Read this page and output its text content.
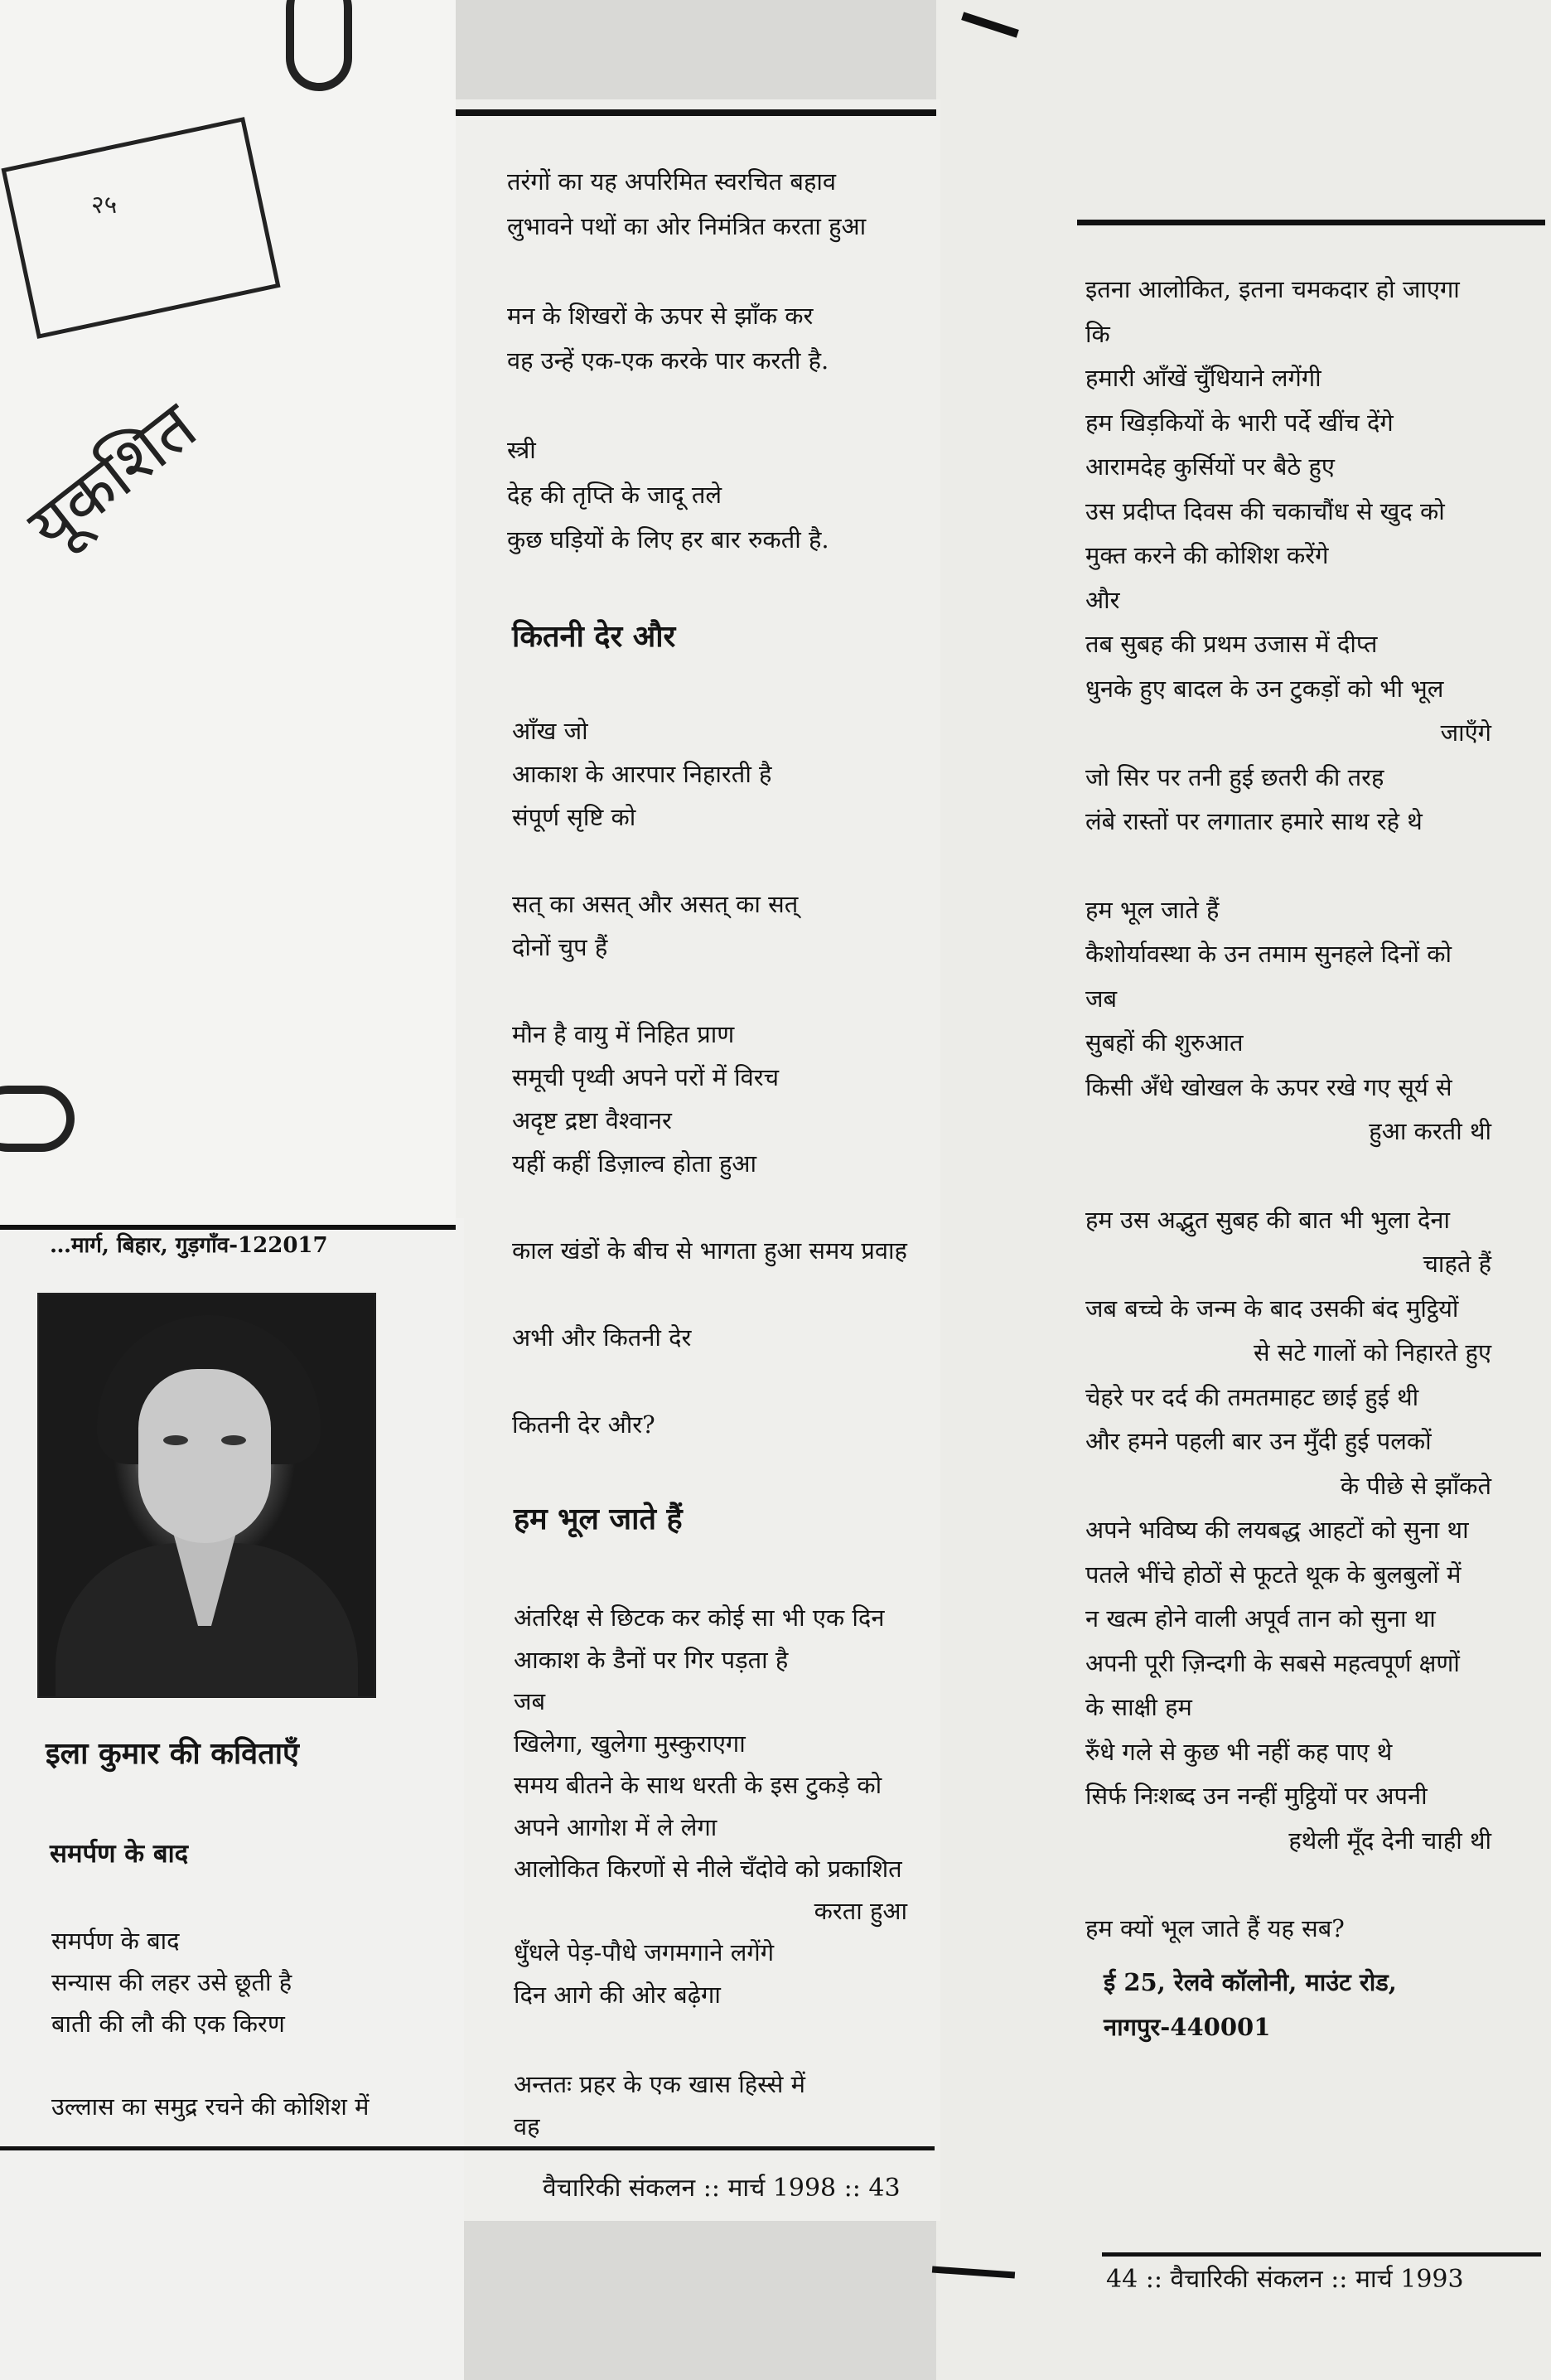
२५
यूकशित
…मार्ग, बिहार, गुड़गाँव-122017
इला कुमार की कविताएँ
समर्पण के बाद
समर्पण के बाद
सन्यास की लहर उसे छूती है
बाती की लौ की एक किरण
उल्लास का समुद्र रचने की कोशिश में
तरंगों का यह अपरिमित स्वरचित बहाव
लुभावने पथों का ओर निमंत्रित करता हुआ
मन के शिखरों के ऊपर से झाँक कर
वह उन्हें एक-एक करके पार करती है.
स्त्री
देह की तृप्ति के जादू तले
कुछ घड़ियों के लिए हर बार रुकती है.
कितनी देर और
आँख जो
आकाश के आरपार निहारती है
संपूर्ण सृष्टि को
सत् का असत् और असत् का सत्
दोनों चुप हैं
मौन है वायु में निहित प्राण
समूची पृथ्वी अपने परों में विरच
अदृष्ट द्रष्टा वैश्वानर
यहीं कहीं डिज़ाल्व होता हुआ
काल खंडों के बीच से भागता हुआ समय प्रवाह
अभी और कितनी देर
कितनी देर और?
हम भूल जाते हैं
अंतरिक्ष से छिटक कर कोई सा भी एक दिन
आकाश के डैनों पर गिर पड़ता है
जब
खिलेगा, खुलेगा मुस्कुराएगा
समय बीतने के साथ धरती के इस टुकड़े को
अपने आगोश में ले लेगा
आलोकित किरणों से नीले चँदोवे को प्रकाशित
करता हुआ
धुँधले पेड़-पौधे जगमगाने लगेंगे
दिन आगे की ओर बढ़ेगा
अन्ततः प्रहर के एक खास हिस्से में
वह
वैचारिकी संकलन :: मार्च 1998 :: 43
इतना आलोकित, इतना चमकदार हो जाएगा
कि
हमारी आँखें चुँधियाने लगेंगी
हम खिड़कियों के भारी पर्दे खींच देंगे
आरामदेह कुर्सियों पर बैठे हुए
उस प्रदीप्त दिवस की चकाचौंध से खुद को
मुक्त करने की कोशिश करेंगे
और
तब सुबह की प्रथम उजास में दीप्त
धुनके हुए बादल के उन टुकड़ों को भी भूल
जाएँगे
जो सिर पर तनी हुई छतरी की तरह
लंबे रास्तों पर लगातार हमारे साथ रहे थे
हम भूल जाते हैं
कैशोर्यावस्था के उन तमाम सुनहले दिनों को
जब
सुबहों की शुरुआत
किसी अँधे खोखल के ऊपर रखे गए सूर्य से
हुआ करती थी
हम उस अद्भुत सुबह की बात भी भुला देना
चाहते हैं
जब बच्चे के जन्म के बाद उसकी बंद मुट्ठियों
से सटे गालों को निहारते हुए
चेहरे पर दर्द की तमतमाहट छाई हुई थी
और हमने पहली बार उन मुँदी हुई पलकों
के पीछे से झाँकते
अपने भविष्य की लयबद्ध आहटों को सुना था
पतले भींचे होठों से फूटते थूक के बुलबुलों में
न खत्म होने वाली अपूर्व तान को सुना था
अपनी पूरी ज़िन्दगी के सबसे महत्वपूर्ण क्षणों
के साक्षी हम
रुँधे गले से कुछ भी नहीं कह पाए थे
सिर्फ निःशब्द उन नन्हीं मुट्ठियों पर अपनी
हथेली मूँद देनी चाही थी
हम क्यों भूल जाते हैं यह सब?
ई 25, रेलवे कॉलोनी, माउंट रोड,
नागपुर-440001
44 :: वैचारिकी संकलन :: मार्च 1993
